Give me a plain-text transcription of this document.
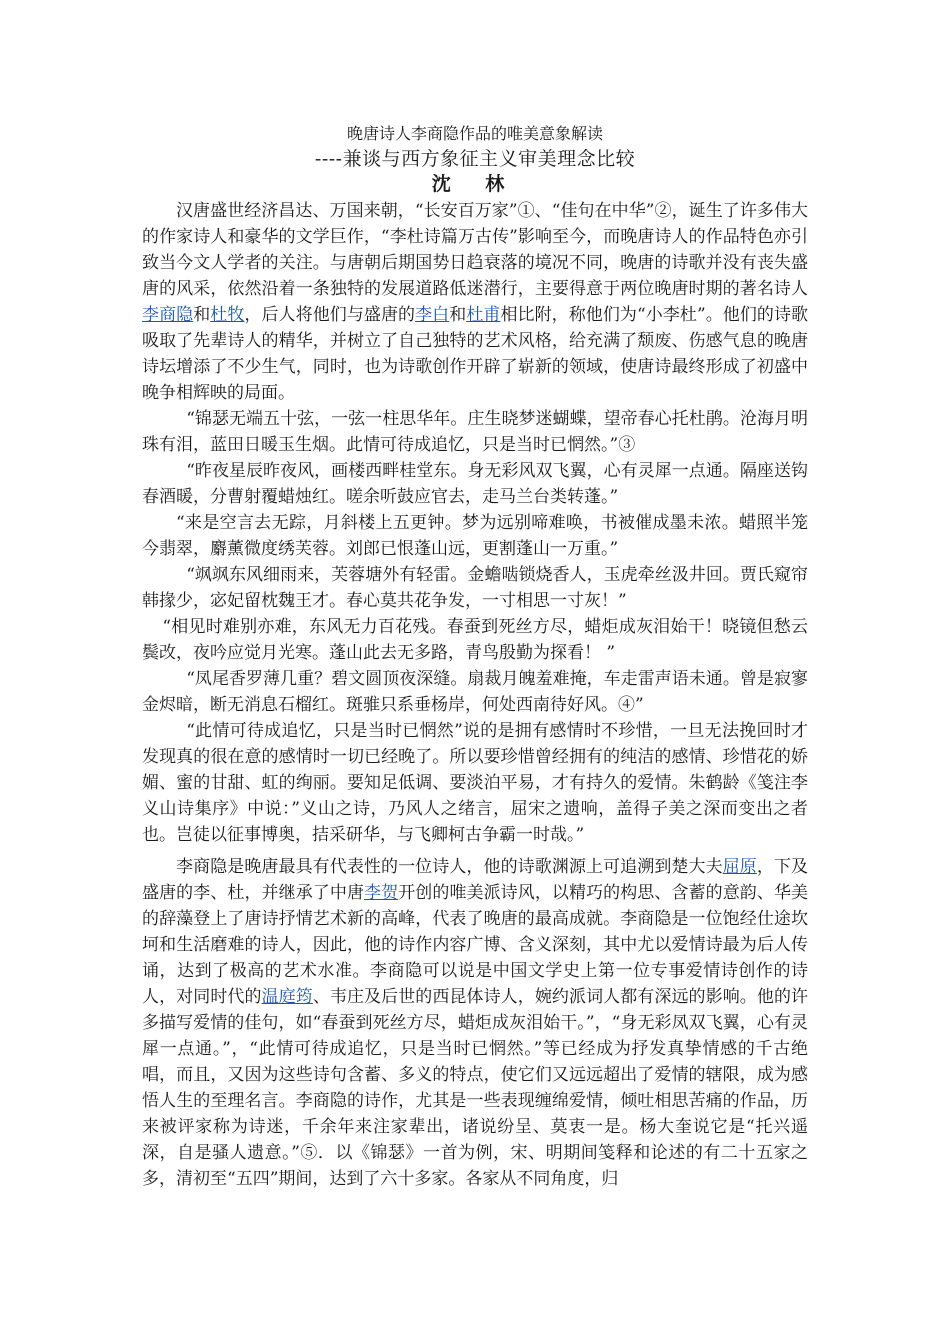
晚唐诗人李商隐作品的唯美意象解读

----兼谈与西方象征主义审美理念比较

沈 林

汉唐盛世经济昌达、万国来朝，“长安百万家”①、“佳句在中华”②，诞生了许多伟大的作家诗人和豪华的文学巨作，“李杜诗篇万古传”影响至今，而晚唐诗人的作品特色亦引致当今文人学者的关注。与唐朝后期国势日趋衰落的境况不同，晚唐的诗歌并没有丧失盛唐的风采，依然沿着一条独特的发展道路低迷潜行，主要得意于两位晚唐时期的著名诗人李商隐和杜牧，后人将他们与盛唐的李白和杜甫相比附，称他们为“小李杜”。他们的诗歌吸取了先辈诗人的精华，并树立了自己独特的艺术风格，给充满了颓废、伤感气息的晚唐诗坛增添了不少生气，同时，也为诗歌创作开辟了崭新的领域，使唐诗最终形成了初盛中晚争相辉映的局面。

“锦瑟无端五十弦，一弦一柱思华年。庄生晓梦迷蝴蝶，望帝春心托杜鹃。沧海月明珠有泪，蓝田日暖玉生烟。此情可待成追忆，只是当时已惘然。”③

“昨夜星辰昨夜风，画楼西畔桂堂东。身无彩风双飞翼，心有灵犀一点通。隔座送钩春酒暖，分曹射覆蜡烛红。嗟余听鼓应官去，走马兰台类转蓬。”

“来是空言去无踪，月斜楼上五更钟。梦为远别啼难唤，书被催成墨未浓。蜡照半笼今翡翠，麝薰微度绣芙蓉。刘郎已恨蓬山远，更割蓬山一万重。”

“飒飒东风细雨来，芙蓉塘外有轻雷。金蟾啮锁烧香人，玉虎牵丝汲井回。贾氏窥帘韩掾少，宓妃留枕魏王才。春心莫共花争发，一寸相思一寸灰！”

“相见时难别亦难，东风无力百花残。春蚕到死丝方尽，蜡炬成灰泪始干！晓镜但愁云鬓改，夜吟应觉月光寒。蓬山此去无多路，青鸟殷勤为探看！ ”

“凤尾香罗薄几重？碧文圆顶夜深缝。扇裁月魄羞难掩，车走雷声语未通。曾是寂寥金烬暗，断无消息石榴红。斑骓只系垂杨岸，何处西南待好风。④”

“此情可待成追忆，只是当时已惘然”说的是拥有感情时不珍惜，一旦无法挽回时才发现真的很在意的感情时一切已经晚了。所以要珍惜曾经拥有的纯洁的感情、珍惜花的娇媚、蜜的甘甜、虹的绚丽。要知足低调、要淡泊平易，才有持久的爱情。朱鹤龄《笺注李义山诗集序》中说：”义山之诗，乃风人之绪言，屈宋之遗响，盖得子美之深而变出之者也。岂徒以征事博奥，拮采研华，与飞卿柯古争霸一时哉。”

李商隐是晚唐最具有代表性的一位诗人，他的诗歌渊源上可追溯到楚大夫屈原，下及盛唐的李、杜，并继承了中唐李贺开创的唯美派诗风，以精巧的构思、含蓄的意韵、华美的辞藻登上了唐诗抒情艺术新的高峰，代表了晚唐的最高成就。李商隐是一位饱经仕途坎坷和生活磨难的诗人，因此，他的诗作内容广博、含义深刻，其中尤以爱情诗最为后人传诵，达到了极高的艺术水准。李商隐可以说是中国文学史上第一位专事爱情诗创作的诗人，对同时代的温庭筠、韦庄及后世的西昆体诗人，婉约派词人都有深远的影响。他的许多描写爱情的佳句，如“春蚕到死丝方尽，蜡炬成灰泪始干。”，“身无彩凤双飞翼，心有灵犀一点通。”，“此情可待成追忆，只是当时已惘然。”等已经成为抒发真挚情感的千古绝唱，而且，又因为这些诗句含蓄、多义的特点，使它们又远远超出了爱情的辖限，成为感悟人生的至理名言。李商隐的诗作，尤其是一些表现缠绵爱情，倾吐相思苦痛的作品，历来被评家称为诗迷，千余年来注家辈出，诸说纷呈、莫衷一是。杨大奎说它是“托兴遥深，自是骚人遗意。”⑤．以《锦瑟》一首为例，宋、明期间笺释和论述的有二十五家之多，清初至“五四”期间，达到了六十多家。各家从不同角度，归
